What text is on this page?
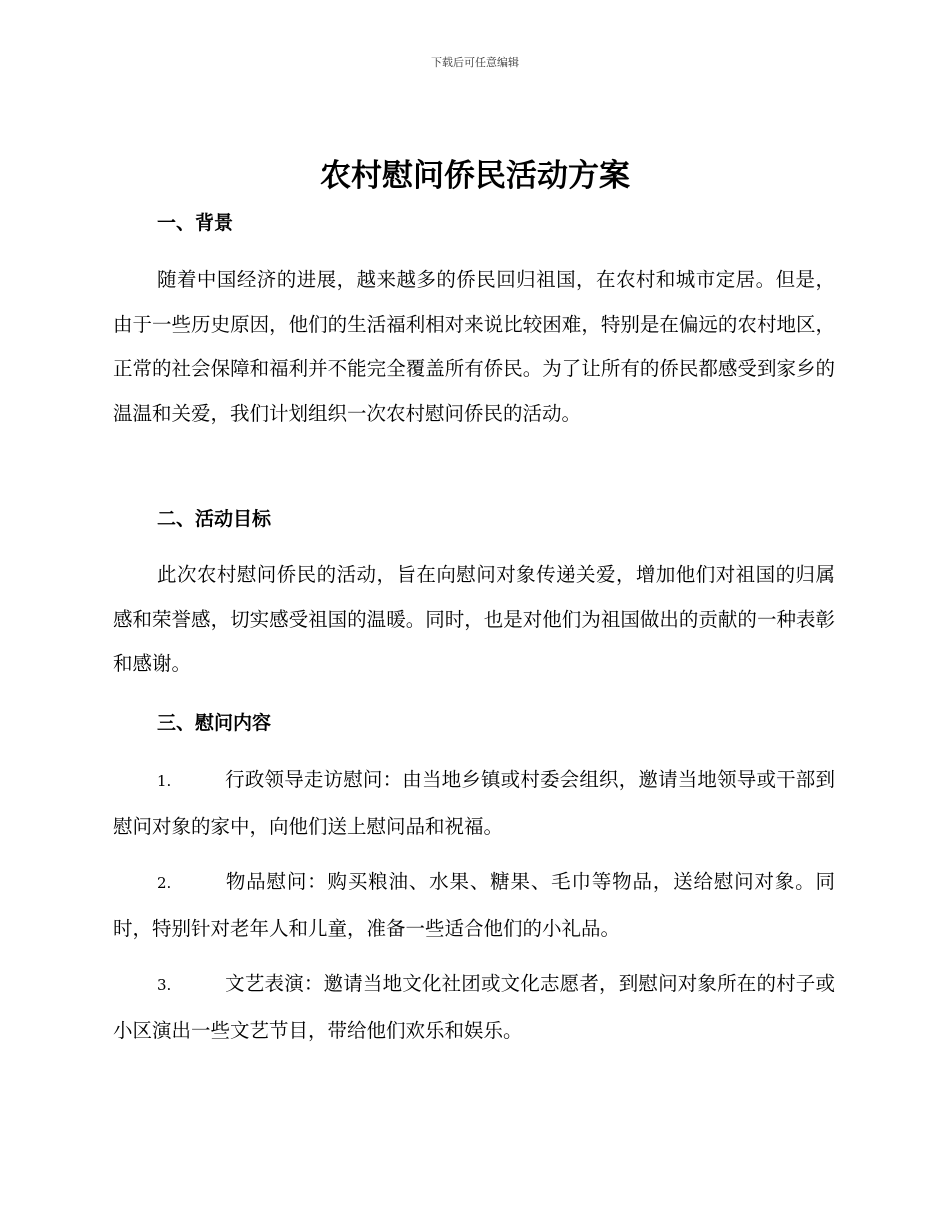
下载后可任意编辑
农村慰问侨民活动方案
一、背景

随着中国经济的进展，越来越多的侨民回归祖国，在农村和城市定居。但是，由于一些历史原因，他们的生活福利相对来说比较困难，特别是在偏远的农村地区，正常的社会保障和福利并不能完全覆盖所有侨民。为了让所有的侨民都感受到家乡的温温和关爱，我们计划组织一次农村慰问侨民的活动。

二、活动目标

此次农村慰问侨民的活动，旨在向慰问对象传递关爱，增加他们对祖国的归属感和荣誉感，切实感受祖国的温暖。同时，也是对他们为祖国做出的贡献的一种表彰和感谢。

三、慰问内容

1.	行政领导走访慰问：由当地乡镇或村委会组织，邀请当地领导或干部到慰问对象的家中，向他们送上慰问品和祝福。

2.	物品慰问：购买粮油、水果、糖果、毛巾等物品，送给慰问对象。同时，特别针对老年人和儿童，准备一些适合他们的小礼品。

3.	文艺表演：邀请当地文化社团或文化志愿者，到慰问对象所在的村子或小区演出一些文艺节目，带给他们欢乐和娱乐。
